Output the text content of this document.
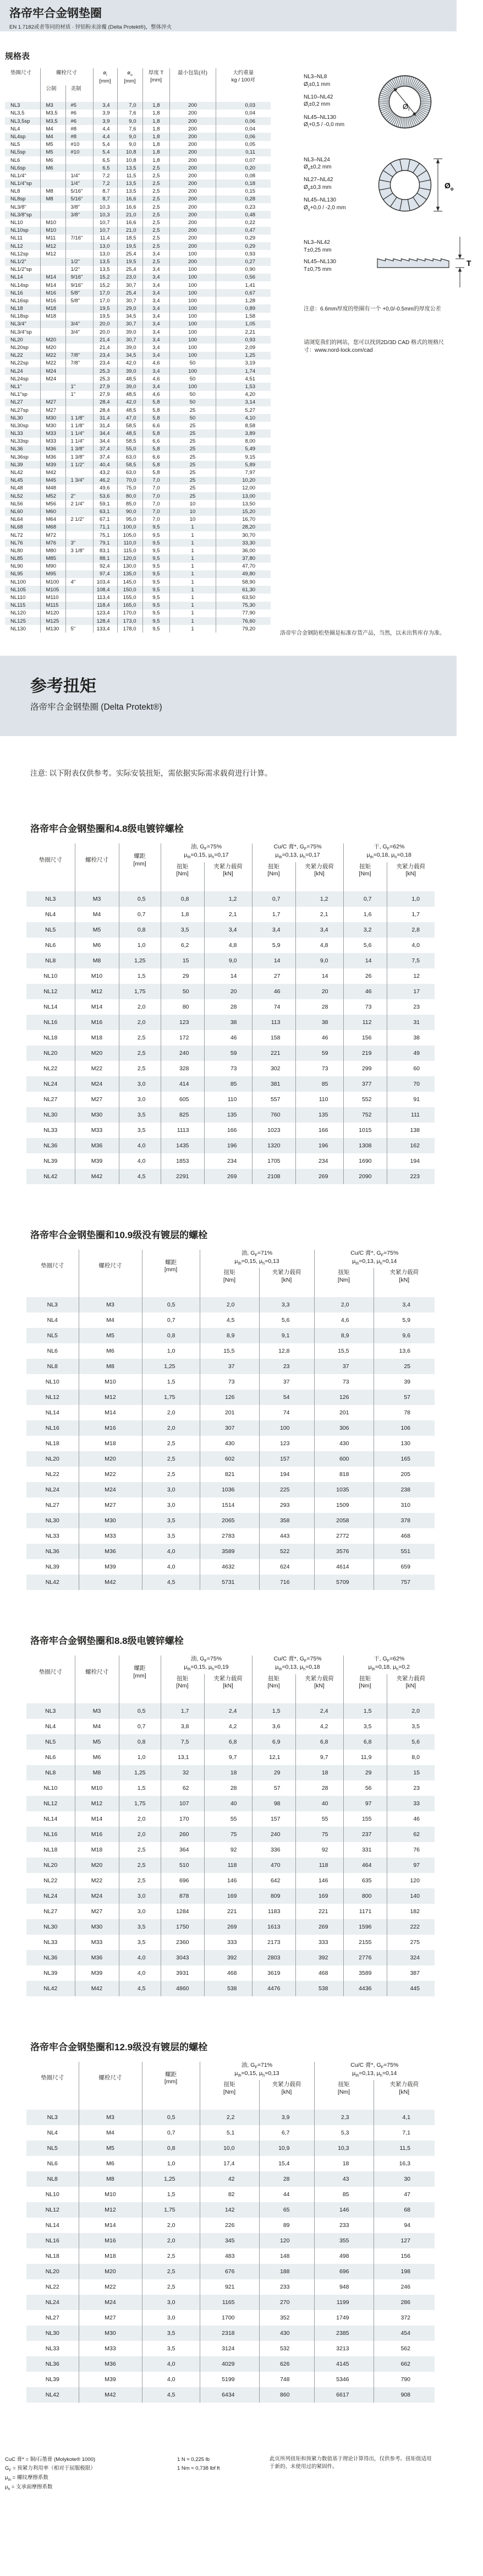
洛帝牢合金钢垫圈
EN 1.7182或者等同的材质 · 锌铝粉末涂覆 (Delta Protekt®)，整体淬火
规格表
垫圈尺寸	螺栓尺寸		$ø_i$
[mm]	$ø_o$
[mm]	厚度 T
[mm]	最小包装(对)	大约重量
kg / 100对
	公制	美制					
NL3	M3	#5	3,4	7,0	1,8	200	0,03
NL3,5	M3,5	#6	3,9	7,6	1,8	200	0,04
NL3,5sp	M3,5	#6	3,9	9,0	1,8	200	0,06
NL4	M4	#8	4,4	7,6	1,8	200	0,04
NL4sp	M4	#8	4,4	9,0	1,8	200	0,06
NL5	M5	#10	5,4	9,0	1,8	200	0,05
NL5sp	M5	#10	5,4	10,8	1,8	200	0,11
NL6	M6		6,5	10,8	1,8	200	0,07
NL6sp	M6		6,5	13,5	2,5	200	0,20
NL1/4"		1/4"	7,2	11,5	2,5	200	0,08
NL1/4"sp		1/4"	7,2	13,5	2,5	200	0,18
NL8	M8	5/16"	8,7	13,5	2,5	200	0,15
NL8sp	M8	5/16"	8,7	16,6	2,5	200	0,28
NL3/8"		3/8"	10,3	16,6	2,5	200	0,23
NL3/8"sp		3/8"	10,3	21,0	2,5	200	0,48
NL10	M10		10,7	16,6	2,5	200	0,22
NL10sp	M10		10,7	21,0	2,5	200	0,47
NL11	M11	7/16"	11,4	18,5	2,5	200	0,29
NL12	M12		13,0	19,5	2,5	200	0,29
NL12sp	M12		13,0	25,4	3,4	100	0,93
NL1/2"		1/2"	13,5	19,5	2,5	200	0,27
NL1/2"sp		1/2"	13,5	25,4	3,4	100	0,90
NL14	M14	9/16"	15,2	23,0	3,4	100	0,56
NL14sp	M14	9/16"	15,2	30,7	3,4	100	1,41
NL16	M16	5/8"	17,0	25,4	3,4	100	0,67
NL16sp	M16	5/8"	17,0	30,7	3,4	100	1,28
NL18	M18		19,5	29,0	3,4	100	0,89
NL18sp	M18		19,5	34,5	3,4	100	1,58
NL3/4"		3/4"	20,0	30,7	3,4	100	1,05
NL3/4"sp		3/4"	20,0	39,0	3,4	100	2,21
NL20	M20		21,4	30,7	3,4	100	0,93
NL20sp	M20		21,4	39,0	3,4	100	2,09
NL22	M22	7/8"	23,4	34,5	3,4	100	1,25
NL22sp	M22	7/8"	23,4	42,0	4,6	50	3,19
NL24	M24		25,3	39,0	3,4	100	1,74
NL24sp	M24		25,3	48,5	4,6	50	4,51
NL1"		1"	27,9	39,0	3,4	100	1,53
NL1"sp		1"	27,9	48,5	4,6	50	4,20
NL27	M27		28,4	42,0	5,8	50	3,14
NL27sp	M27		28,4	48,5	5,8	25	5,27
NL30	M30	1 1/8"	31,4	47,0	5,8	50	4,10
NL30sp	M30	1 1/8"	31,4	58,5	6,6	25	8,58
NL33	M33	1 1/4"	34,4	48,5	5,8	25	3,89
NL33sp	M33	1 1/4"	34,4	58,5	6,6	25	8,00
NL36	M36	1 3/8"	37,4	55,0	5,8	25	5,49
NL36sp	M36	1 3/8"	37,4	63,0	6,6	25	9,15
NL39	M39	1 1/2"	40,4	58,5	5,8	25	5,89
NL42	M42		43,2	63,0	5,8	25	7,97
NL45	M45	1 3/4"	46,2	70,0	7,0	25	10,20
NL48	M48		49,6	75,0	7,0	25	12,00
NL52	M52	2"	53,6	80,0	7,0	25	13,00
NL56	M56	2 1/4"	59,1	85,0	7,0	10	13,50
NL60	M60		63,1	90,0	7,0	10	15,20
NL64	M64	2 1/2"	67,1	95,0	7,0	10	16,70
NL68	M68		71,1	100,0	9,5	1	28,20
NL72	M72		75,1	105,0	9,5	1	30,70
NL76	M76	3"	79,1	110,0	9,5	1	33,30
NL80	M80	3 1/8"	83,1	115,0	9,5	1	36,00
NL85	M85		88,1	120,0	9,5	1	37,80
NL90	M90		92,4	130,0	9,5	1	47,70
NL95	M95		97,4	135,0	9,5	1	49,80
NL100	M100	4"	103,4	145,0	9,5	1	58,90
NL105	M105		108,4	150,0	9,5	1	61,30
NL110	M110		113,4	155,0	9,5	1	63,50
NL115	M115		118,4	165,0	9,5	1	75,30
NL120	M120		123,4	170,0	9,5	1	77,90
NL125	M125		128,4	173,0	9,5	1	76,60
NL130	M130	5"	133,4	178,0	9,5	1	79,20
NL3–NL8
$Ø_i\pm 0,1$ mm
NL10–NL42
$Ø_i\pm 0,2$ mm
NL45–NL130
$Ø_i+0,5 / -0,0$ mm
$Ø_i$
NL3–NL24
$Ø_o\pm 0,2$ mm
NL27–NL42
$Ø_o\pm 0,3$ mm
NL45–NL130
$Ø_o+0,0 / -2,0$ mm
$Ø_o$
NL3–NL42
T±0,25 mm
NL45–NL130
T±0,75 mm
T
注意：6.6mm厚度的垫圈有一个 +0,0/-0.5mm的厚度公差
请浏览我们的网站，您可以找到2D/3D CAD 格式的规格尺寸：www.nord-lock.com/cad
洛帝牢合金钢防松垫圈是标准存货产品，当然，以未出售库存为准。
参考扭矩
洛帝牢合金钢垫圈 (Delta Protekt®)
注意: 以下附表仅供参考。实际安装扭矩，需依据实际需求载荷进行计算。
洛帝牢合金钢垫圈和4.8级电镀锌螺栓
垫圈尺寸	螺栓尺寸	螺距
[mm]	油, $G_F=75\%$
$\mu_{th}=0,15$, $\mu_h=0,17$		Cu/C 膏*, $G_F=75\%$
$\mu_{th}=0,13$, $\mu_h=0,17$		干, $G_F=62\%$
$\mu_{th}=0,18$, $\mu_h=0,18$	
			扭矩
[Nm]	夹紧力载荷
[kN]	扭矩
[Nm]	夹紧力载荷
[kN]	扭矩
[Nm]	夹紧力载荷
[kN]
NL3	M3	0,5	0,8	1,2	0,7	1,2	0,7	1,0
NL4	M4	0,7	1,8	2,1	1,7	2,1	1,6	1,7
NL5	M5	0,8	3,5	3,4	3,4	3,4	3,2	2,8
NL6	M6	1,0	6,2	4,8	5,9	4,8	5,6	4,0
NL8	M8	1,25	15	9,0	14	9,0	14	7,5
NL10	M10	1,5	29	14	27	14	26	12
NL12	M12	1,75	50	20	46	20	46	17
NL14	M14	2,0	80	28	74	28	73	23
NL16	M16	2,0	123	38	113	38	112	31
NL18	M18	2,5	172	46	158	46	156	38
NL20	M20	2,5	240	59	221	59	219	49
NL22	M22	2,5	328	73	302	73	299	60
NL24	M24	3,0	414	85	381	85	377	70
NL27	M27	3,0	605	110	557	110	552	91
NL30	M30	3,5	825	135	760	135	752	111
NL33	M33	3,5	1113	166	1023	166	1015	138
NL36	M36	4,0	1435	196	1320	196	1308	162
NL39	M39	4,0	1853	234	1705	234	1690	194
NL42	M42	4,5	2291	269	2108	269	2090	223
洛帝牢合金钢垫圈和10.9级没有镀层的螺栓
垫圈尺寸	螺栓尺寸	螺距
[mm]	油, $G_F=71\%$
$\mu_{th}=0,15$, $\mu_h=0,13$		Cu/C 膏*, $G_F=75\%$
$\mu_{th}=0,13$, $\mu_h=0,14$	
			扭矩
[Nm]	夹紧力载荷
[kN]	扭矩
[Nm]	夹紧力载荷
[kN]
NL3	M3	0,5	2,0	3,3	2,0	3,4
NL4	M4	0,7	4,5	5,6	4,6	5,9
NL5	M5	0,8	8,9	9,1	8,9	9,6
NL6	M6	1,0	15,5	12,8	15,5	13,6
NL8	M8	1,25	37	23	37	25
NL10	M10	1,5	73	37	73	39
NL12	M12	1,75	126	54	126	57
NL14	M14	2,0	201	74	201	78
NL16	M16	2,0	307	100	306	106
NL18	M18	2,5	430	123	430	130
NL20	M20	2,5	602	157	600	165
NL22	M22	2,5	821	194	818	205
NL24	M24	3,0	1036	225	1035	238
NL27	M27	3,0	1514	293	1509	310
NL30	M30	3,5	2065	358	2058	378
NL33	M33	3,5	2783	443	2772	468
NL36	M36	4,0	3589	522	3576	551
NL39	M39	4,0	4632	624	4614	659
NL42	M42	4,5	5731	716	5709	757
洛帝牢合金钢垫圈和8.8级电镀锌螺栓
垫圈尺寸	螺栓尺寸	螺距
[mm]	油, $G_F=75\%$
$\mu_{th}=0,15$, $\mu_h=0,19$		Cu/C 膏*, $G_F=75\%$
$\mu_{th}=0,13$, $\mu_h=0,18$		干, $G_F=62\%$
$\mu_{th}=0,18$, $\mu_h=0,2$	
			扭矩
[Nm]	夹紧力载荷
[kN]	扭矩
[Nm]	夹紧力载荷
[kN]	扭矩
[Nm]	夹紧力载荷
[kN]
NL3	M3	0,5	1,7	2,4	1,5	2,4	1,5	2,0
NL4	M4	0,7	3,8	4,2	3,6	4,2	3,5	3,5
NL5	M5	0,8	7,5	6,8	6,9	6,8	6,8	5,6
NL6	M6	1,0	13,1	9,7	12,1	9,7	11,9	8,0
NL8	M8	1,25	32	18	29	18	29	15
NL10	M10	1,5	62	28	57	28	56	23
NL12	M12	1,75	107	40	98	40	97	33
NL14	M14	2,0	170	55	157	55	155	46
NL16	M16	2,0	260	75	240	75	237	62
NL18	M18	2,5	364	92	336	92	331	76
NL20	M20	2,5	510	118	470	118	464	97
NL22	M22	2,5	696	146	642	146	635	120
NL24	M24	3,0	878	169	809	169	800	140
NL27	M27	3,0	1284	221	1183	221	1171	182
NL30	M30	3,5	1750	269	1613	269	1596	222
NL33	M33	3,5	2360	333	2173	333	2155	275
NL36	M36	4,0	3043	392	2803	392	2776	324
NL39	M39	4,0	3931	468	3619	468	3589	387
NL42	M42	4,5	4860	538	4476	538	4436	445
洛帝牢合金钢垫圈和12.9级没有镀层的螺栓
垫圈尺寸	螺栓尺寸	螺距
[mm]	油, $G_F=71\%$
$\mu_{th}=0,15$, $\mu_h=0,13$		Cu/C 膏*, $G_F=75\%$
$\mu_{th}=0,13$, $\mu_h=0,14$	
			扭矩
[Nm]	夹紧力载荷
[kN]	扭矩
[Nm]	夹紧力载荷
[kN]
NL3	M3	0,5	2,2	3,9	2,3	4,1
NL4	M4	0,7	5,1	6,7	5,3	7,1
NL5	M5	0,8	10,0	10,9	10,3	11,5
NL6	M6	1,0	17,4	15,4	18	16,3
NL8	M8	1,25	42	28	43	30
NL10	M10	1,5	82	44	85	47
NL12	M12	1,75	142	65	146	68
NL14	M14	2,0	226	89	233	94
NL16	M16	2,0	345	120	355	127
NL18	M18	2,5	483	148	498	156
NL20	M20	2,5	676	188	696	198
NL22	M22	2,5	921	233	948	246
NL24	M24	3,0	1165	270	1199	286
NL27	M27	3,0	1700	352	1749	372
NL30	M30	3,5	2318	430	2385	454
NL33	M33	3,5	3124	532	3213	562
NL36	M36	4,0	4029	626	4145	662
NL39	M39	4,0	5199	748	5346	790
NL42	M42	4,5	6434	860	6617	908
CuC 膏* = 铜/石墨膏 (Molykote® 1000)
$G_F$ = 预紧力利用率（相对于屈服极限）
$\mu_{th}$ = 螺纹摩擦系数
$\mu_h$ = 支承面摩擦系数
1 N ≈ 0,225 lb
1 Nm ≈ 0,738 lbf ft
此页所列扭矩和预紧力数值基于理论计算得出，仅供参考。扭矩值适用于新的、未使用过的紧固件。
